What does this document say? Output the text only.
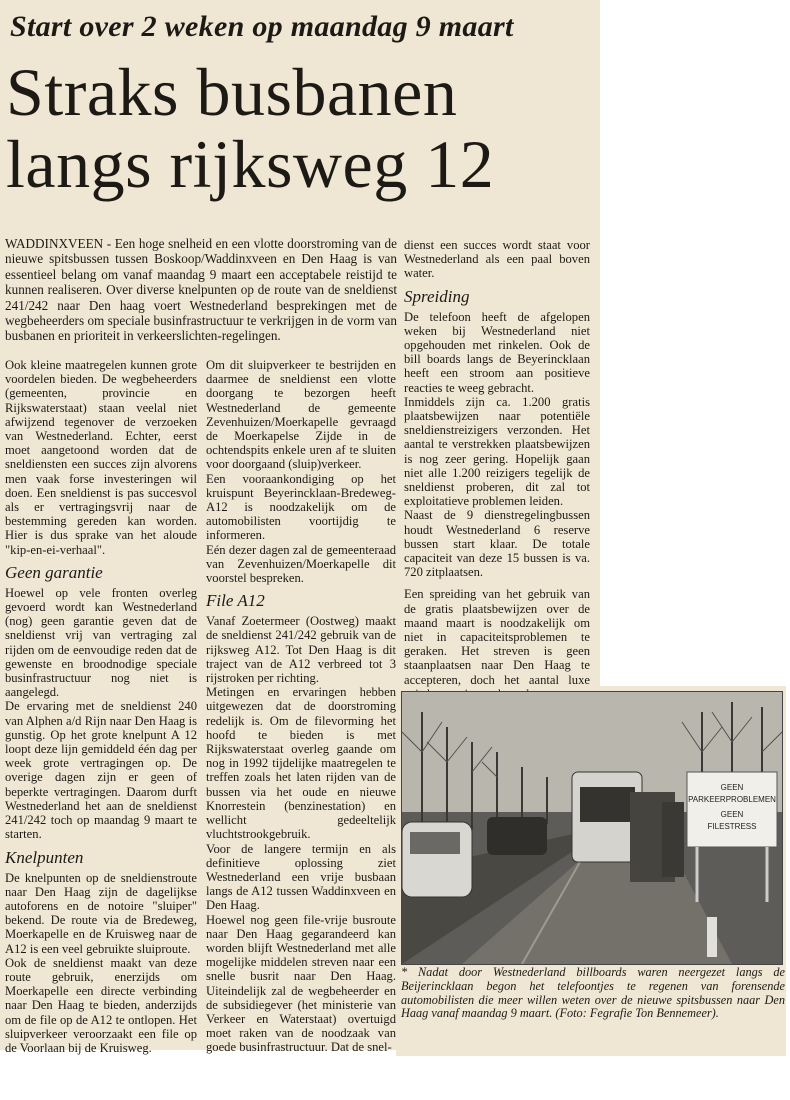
Start over 2 weken op maandag 9 maart
Straks busbanen
langs rijksweg 12
WADDINXVEEN - Een hoge snelheid en een vlotte doorstroming van de nieuwe spitsbussen tussen Boskoop/Waddinxveen en Den Haag is van essentieel belang om vanaf maandag 9 maart een acceptabele reistijd te kunnen realiseren. Over diverse knelpunten op de route van de sneldienst 241/242 naar Den haag voert Westnederland besprekingen met de wegbeheerders om speciale businfrastructuur te verkrijgen in de vorm van busbanen en prioriteit in verkeerslichten-regelingen.

Ook kleine maatregelen kunnen grote voordelen bieden. De wegbeheerders (gemeenten, provincie en Rijkswaterstaat) staan veelal niet afwijzend tegenover de verzoeken van Westnederland. Echter, eerst moet aangetoond worden dat de sneldiensten een succes zijn alvorens men vaak forse investeringen wil doen. Een sneldienst is pas succesvol als er vertragingsvrij naar de bestemming gereden kan worden. Hier is dus sprake van het aloude "kip-en-ei-verhaal".

Geen garantie

Hoewel op vele fronten overleg gevoerd wordt kan Westnederland (nog) geen garantie geven dat de sneldienst vrij van vertraging zal rijden om de eenvoudige reden dat de gewenste en broodnodige speciale businfrastructuur nog niet is aangelegd.

De ervaring met de sneldienst 240 van Alphen a/d Rijn naar Den Haag is gunstig. Op het grote knelpunt A 12 loopt deze lijn gemiddeld één dag per week grote vertragingen op. De overige dagen zijn er geen of beperkte vertragingen. Daarom durft Westnederland het aan de sneldienst 241/242 toch op maandag 9 maart te starten.

Knelpunten

De knelpunten op de sneldienstroute naar Den Haag zijn de dagelijkse autoforens en de notoire "sluiper" bekend. De route via de Bredeweg, Moerkapelle en de Kruisweg naar de A12 is een veel gebruikte sluiproute.

Ook de sneldienst maakt van deze route gebruik, enerzijds om Moerkapelle een directe verbinding naar Den Haag te bieden, anderzijds om de file op de A12 te ontlopen. Het sluipverkeer veroorzaakt een file op de Voorlaan bij de Kruisweg.

Om dit sluipverkeer te bestrijden en daarmee de sneldienst een vlotte doorgang te bezorgen heeft Westnederland de gemeente Zevenhuizen/Moerkapelle gevraagd de Moerkapelse Zijde in de ochtendspits enkele uren af te sluiten voor doorgaand (sluip)verkeer.

Een vooraankondiging op het kruispunt Beyerincklaan-Bredeweg-A12 is noodzakelijk om de automobilisten voortijdig te informeren.

Eén dezer dagen zal de gemeenteraad van Zevenhuizen/Moerkapelle dit voorstel bespreken.

File A12

Vanaf Zoetermeer (Oostweg) maakt de sneldienst 241/242 gebruik van de rijksweg A12. Tot Den Haag is dit traject van de A12 verbreed tot 3 rijstroken per richting.

Metingen en ervaringen hebben uitgewezen dat de doorstroming redelijk is. Om de filevorming het hoofd te bieden is met Rijkswaterstaat overleg gaande om nog in 1992 tijdelijke maatregelen te treffen zoals het laten rijden van de bussen via het oude en nieuwe Knorrestein (benzinestation) en wellicht gedeeltelijk vluchtstrookgebruik.

Voor de langere termijn en als definitieve oplossing ziet Westnederland een vrije busbaan langs de A12 tussen Waddinxveen en Den Haag.

Hoewel nog geen file-vrije busroute naar Den Haag gegarandeerd kan worden blijft Westnederland met alle mogelijke middelen streven naar een snelle busrit naar Den Haag. Uiteindelijk zal de wegbeheerder en de subsidiegever (het ministerie van Verkeer en Waterstaat) overtuigd moet raken van de noodzaak van goede businfrastructuur. Dat de snel-

dienst een succes wordt staat voor Westnederland als een paal boven water.

Spreiding

De telefoon heeft de afgelopen weken bij Westnederland niet opgehouden met rinkelen. Ook de bill boards langs de Beyerincklaan heeft een stroom aan positieve reacties te weeg gebracht.

Inmiddels zijn ca. 1.200 gratis plaatsbewijzen naar potentiële sneldienstreizigers verzonden. Het aantal te verstrekken plaatsbewijzen is nog zeer gering. Hopelijk gaan niet alle 1.200 reizigers tegelijk de sneldienst proberen, dit zal tot exploitatieve problemen leiden.

Naast de 9 dienstregelingbussen houdt Westnederland 6 reserve bussen start klaar. De totale capaciteit van deze 15 bussen is va. 720 zitplaatsen.

Een spreiding van het gebruik van de gratis plaatsbewijzen over de maand maart is noodzakelijk om niet in capaciteitsproblemen te geraken. Het streven is geen staanplaatsen naar Den Haag te accepteren, doch het aantal luxe

GEEN
PARKEERPROBLEMEN
GEEN
FILESTRESS
* Nadat door Westnederland billboards waren neergezet langs de Beijerincklaan begon het telefoontjes te regenen van forensende automobilisten die meer willen weten over de nieuwe spitsbussen naar Den Haag vanaf maandag 9 maart. (Foto: Fegrafie Ton Bennemeer).
